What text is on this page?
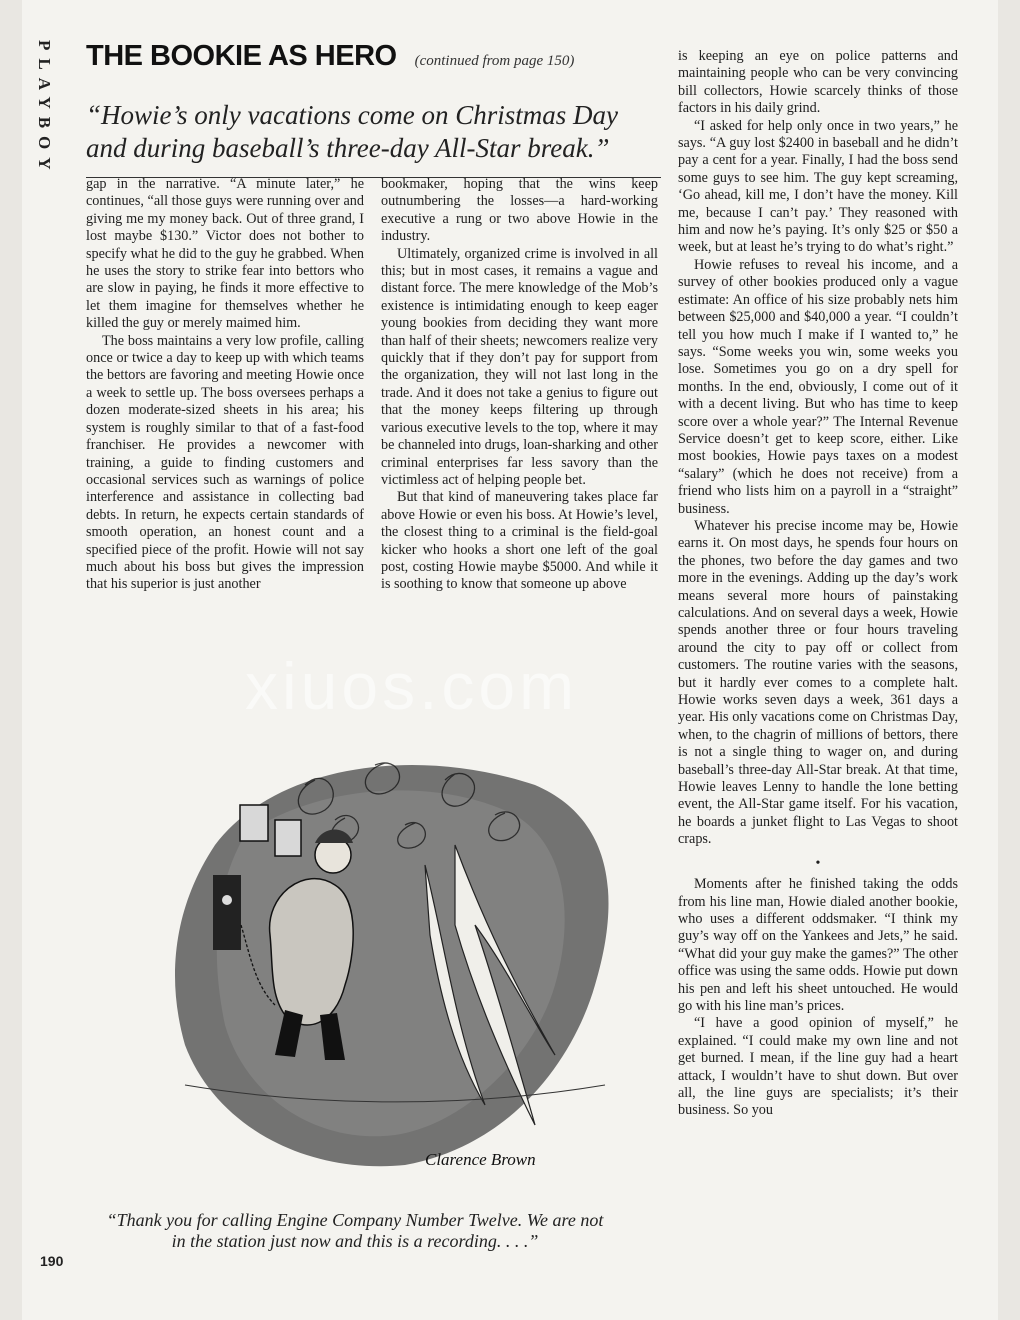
PLAYBOY THE BOOKIE AS HERO (continued from page 150)
“Howie’s only vacations come on Christmas Day and during baseball’s three-day All-Star break.”

gap in the narrative. “A minute later,” he continues, “all those guys were running over and giving me my money back. Out of three grand, I lost maybe $130.” Victor does not bother to specify what he did to the guy he grabbed. When he uses the story to strike fear into bettors who are slow in paying, he finds it more effective to let them imagine for themselves whether he killed the guy or merely maimed him.

The boss maintains a very low profile, calling once or twice a day to keep up with which teams the bettors are favoring and meeting Howie once a week to settle up. The boss oversees perhaps a dozen moderate-sized sheets in his area; his system is roughly similar to that of a fast-food franchiser. He provides a newcomer with training, a guide to finding customers and occasional services such as warnings of police interference and assistance in collecting bad debts. In return, he expects certain standards of smooth operation, an honest count and a specified piece of the profit. Howie will not say much about his boss but gives the impression that his superior is just another

bookmaker, hoping that the wins keep outnumbering the losses—a hard-working executive a rung or two above Howie in the industry.

Ultimately, organized crime is involved in all this; but in most cases, it remains a vague and distant force. The mere knowledge of the Mob’s existence is intimidating enough to keep eager young bookies from deciding they want more than half of their sheets; newcomers realize very quickly that if they don’t pay for support from the organization, they will not last long in the trade. And it does not take a genius to figure out that the money keeps filtering up through various executive levels to the top, where it may be channeled into drugs, loan-sharking and other criminal enterprises far less savory than the victimless act of helping people bet.

But that kind of maneuvering takes place far above Howie or even his boss. At Howie’s level, the closest thing to a criminal is the field-goal kicker who hooks a short one left of the goal post, costing Howie maybe $5000. And while it is soothing to know that someone up above

is keeping an eye on police patterns and maintaining people who can be very convincing bill collectors, Howie scarcely thinks of those factors in his daily grind.

“I asked for help only once in two years,” he says. “A guy lost $2400 in baseball and he didn’t pay a cent for a year. Finally, I had the boss send some guys to see him. The guy kept screaming, ‘Go ahead, kill me, I don’t have the money. Kill me, because I can’t pay.’ They reasoned with him and now he’s paying. It’s only $25 or $50 a week, but at least he’s trying to do what’s right.”

Howie refuses to reveal his income, and a survey of other bookies produced only a vague estimate: An office of his size probably nets him between $25,000 and $40,000 a year. “I couldn’t tell you how much I make if I wanted to,” he says. “Some weeks you win, some weeks you lose. Sometimes you go on a dry spell for months. In the end, obviously, I come out of it with a decent living. But who has time to keep score over a whole year?” The Internal Revenue Service doesn’t get to keep score, either. Like most bookies, Howie pays taxes on a modest “salary” (which he does not receive) from a friend who lists him on a payroll in a “straight” business.

Whatever his precise income may be, Howie earns it. On most days, he spends four hours on the phones, two before the day games and two more in the evenings. Adding up the day’s work means several more hours of painstaking calculations. And on several days a week, Howie spends another three or four hours traveling around the city to pay off or collect from customers. The routine varies with the seasons, but it hardly ever comes to a complete halt. Howie works seven days a week, 361 days a year. His only vacations come on Christmas Day, when, to the chagrin of millions of bettors, there is not a single thing to wager on, and during baseball’s three-day All-Star break. At that time, Howie leaves Lenny to handle the lone betting event, the All-Star game itself. For his vacation, he boards a junket flight to Las Vegas to shoot craps.

•

Moments after he finished taking the odds from his line man, Howie dialed another bookie, who uses a different oddsmaker. “I think my guy’s way off on the Yankees and Jets,” he said. “What did your guy make the games?” The other office was using the same odds. Howie put down his pen and left his sheet untouched. He would go with his line man’s prices.

“I have a good opinion of myself,” he explained. “I could make my own line and not get burned. I mean, if the line guy had a heart attack, I wouldn’t have to shut down. But over all, the line guys are specialists; it’s their business. So you

xiuos.com
Clarence Brown
“Thank you for calling Engine Company Number Twelve. We are not in the station just now and this is a recording. . . .”
190
